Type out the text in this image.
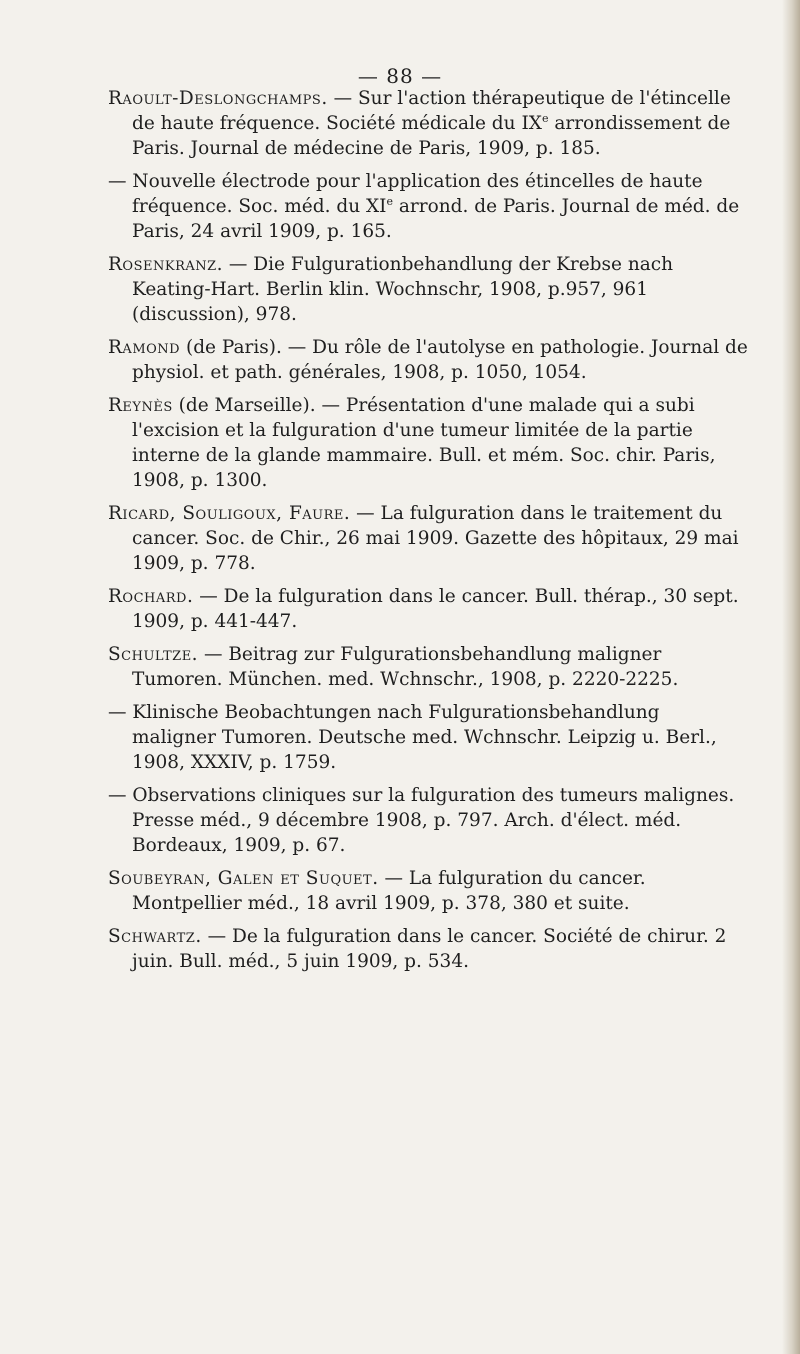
— 88 —

Raoult-Deslongchamps. — Sur l'action thérapeutique de l'étincelle de haute fréquence. Société médicale du IXe arrondissement de Paris. Journal de médecine de Paris, 1909, p. 185.

— Nouvelle électrode pour l'application des étincelles de haute fréquence. Soc. méd. du XIe arrond. de Paris. Journal de méd. de Paris, 24 avril 1909, p. 165.

Rosenkranz. — Die Fulgurationbehandlung der Krebse nach Keating-Hart. Berlin klin. Wochnschr, 1908, p.957, 961 (discussion), 978.

Ramond (de Paris). — Du rôle de l'autolyse en pathologie. Journal de physiol. et path. générales, 1908, p. 1050, 1054.

Reynès (de Marseille). — Présentation d'une malade qui a subi l'excision et la fulguration d'une tumeur limitée de la partie interne de la glande mammaire. Bull. et mém. Soc. chir. Paris, 1908, p. 1300.

Ricard, Souligoux, Faure. — La fulguration dans le traitement du cancer. Soc. de Chir., 26 mai 1909. Gazette des hôpitaux, 29 mai 1909, p. 778.

Rochard. — De la fulguration dans le cancer. Bull. thérap., 30 sept. 1909, p. 441-447.

Schultze. — Beitrag zur Fulgurationsbehandlung maligner Tumoren. München. med. Wchnschr., 1908, p. 2220-2225.

— Klinische Beobachtungen nach Fulgurationsbehandlung maligner Tumoren. Deutsche med. Wchnschr. Leipzig u. Berl., 1908, XXXIV, p. 1759.

— Observations cliniques sur la fulguration des tumeurs malignes. Presse méd., 9 décembre 1908, p. 797. Arch. d'élect. méd. Bordeaux, 1909, p. 67.

Soubeyran, Galen et Suquet. — La fulguration du cancer. Montpellier méd., 18 avril 1909, p. 378, 380 et suite.

Schwartz. — De la fulguration dans le cancer. Société de chirur. 2 juin. Bull. méd., 5 juin 1909, p. 534.
